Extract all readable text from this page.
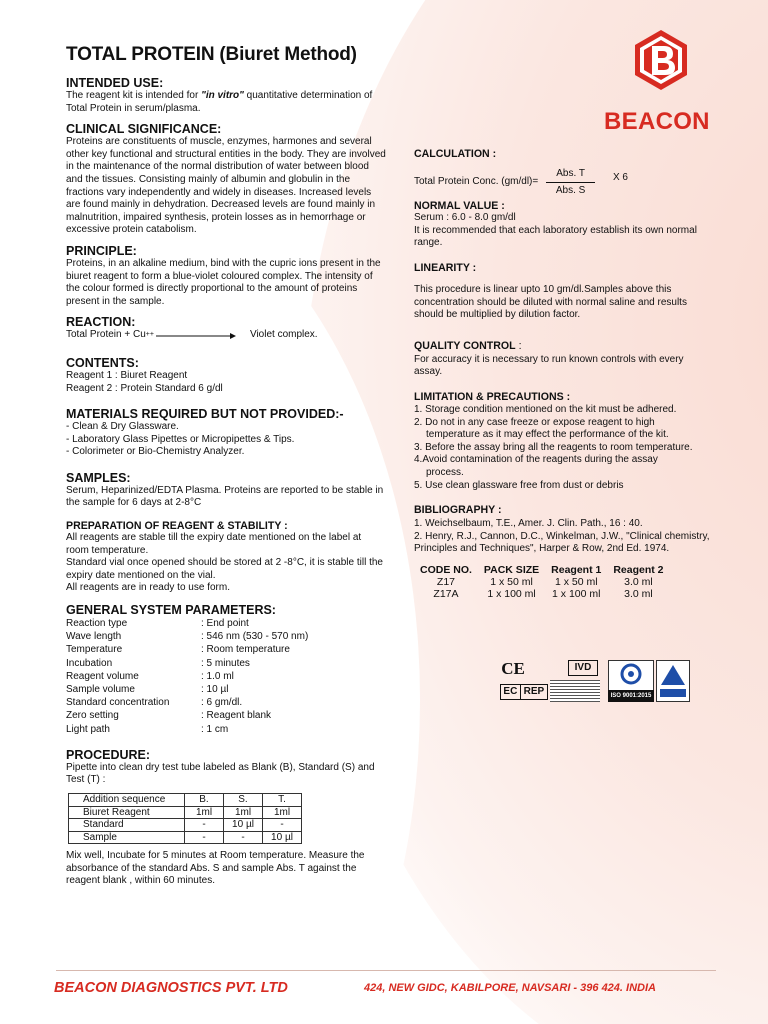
BEACON
TOTAL PROTEIN (Biuret Method)
INTENDED USE:

The reagent kit is intended for "in vitro" quantitative determination of Total Protein in serum/plasma.

CLINICAL SIGNIFICANCE:

Proteins are constituents of muscle, enzymes, harmones and several other key functional and structural entities in the body. They are involved in the maintenance of the normal distribution of water between blood and the tissues. Consisting mainly of albumin and globulin in the fractions vary independently and widely in diseases. Increased levels are found mainly in dehydration. Decreased levels are found mainly in malnutrition, impaired synthesis, protein losses as in hemorrhage or excessive protein catabolism.

PRINCIPLE:

Proteins, in an alkaline medium, bind with the cupric ions present in the biuret reagent to form a blue-violet coloured complex. The intensity of the colour formed is directly proportional to the amount of proteins present in the sample.

REACTION:

Total Protein + Cu ++	Violet complex.

CONTENTS:

Reagent 1 : Biuret Reagent

Reagent 2 : Protein Standard 6 g/dl

MATERIALS REQUIRED BUT NOT PROVIDED:-

- Clean & Dry Glassware.

- Laboratory Glass Pipettes or Micropipettes & Tips.

- Colorimeter or Bio-Chemistry Analyzer.

SAMPLES:

Serum, Heparinized/EDTA Plasma. Proteins are reported to be stable in the sample for 6 days at 2-8°C

PREPARATION OF REAGENT & STABILITY :

All reagents are stable till the expiry date mentioned on the label at room temperature.

Standard vial once opened should be stored at 2 -8°C, it is stable till the expiry date mentioned on the vial.

All reagents are in ready to use form.

GENERAL SYSTEM PARAMETERS:
Reaction type	: End point
Wave length	: 546 nm (530 - 570 nm)
Temperature	: Room temperature
Incubation	: 5 minutes
Reagent volume	: 1.0 ml
Sample volume	: 10 µl
Standard concentration	: 6 gm/dl.
Zero setting	: Reagent blank
Light path	: 1 cm
PROCEDURE:

Pipette into clean dry test tube labeled as Blank (B), Standard (S) and Test (T) :

Addition sequence	B.	S.	T.
Biuret Reagent	1ml	1ml	1ml
Standard	-	10 µl	-
Sample	-	-	10 µl

Mix well, Incubate for 5 minutes at Room temperature. Measure the absorbance of the standard Abs. S and sample Abs. T against the reagent blank , within 60 minutes.

CALCULATION :

Total Protein Conc. $(gm/dl)= \frac{\text{Abs. T}}{\text{Abs. S}}$ X 6

NORMAL VALUE :

Serum : 6.0 - 8.0 gm/dl

It is recommended that each laboratory establish its own normal range.

LINEARITY :

This procedure is linear upto 10 gm/dl.Samples above this concentration should be diluted with normal saline and results should be multiplied by dilution factor.

QUALITY CONTROL :

For accuracy it is necessary to run known controls with every assay.

LIMITATION & PRECAUTIONS :

1. Storage condition mentioned on the kit must be adhered.

2. Do not in any case freeze or expose reagent to high

temperature as it may effect the performance of the kit.

3. Before the assay bring all the reagents to room temperature.

4.Avoid contamination of the reagents during the assay

process.

5. Use clean glassware free from dust or debris

BIBLIOGRAPHY :

1. Weichselbaum, T.E., Amer. J. Clin. Path., 16 : 40.

2. Henry, R.J., Cannon, D.C., Winkelman, J.W., "Clinical chemistry, Principles and Techniques", Harper & Row, 2nd Ed. 1974.

CODE NO.	PACK SIZE	Reagent 1	Reagent 2
Z17	1 x 50 ml	1 x 50 ml	3.0 ml
Z17A	1 x 100 ml	1 x 100 ml	3.0 ml
CE	IVD
EC REP	ISO 9001:2015
BEACON DIAGNOSTICS PVT. LTD	424, NEW GIDC, KABILPORE, NAVSARI - 396 424. INDIA
